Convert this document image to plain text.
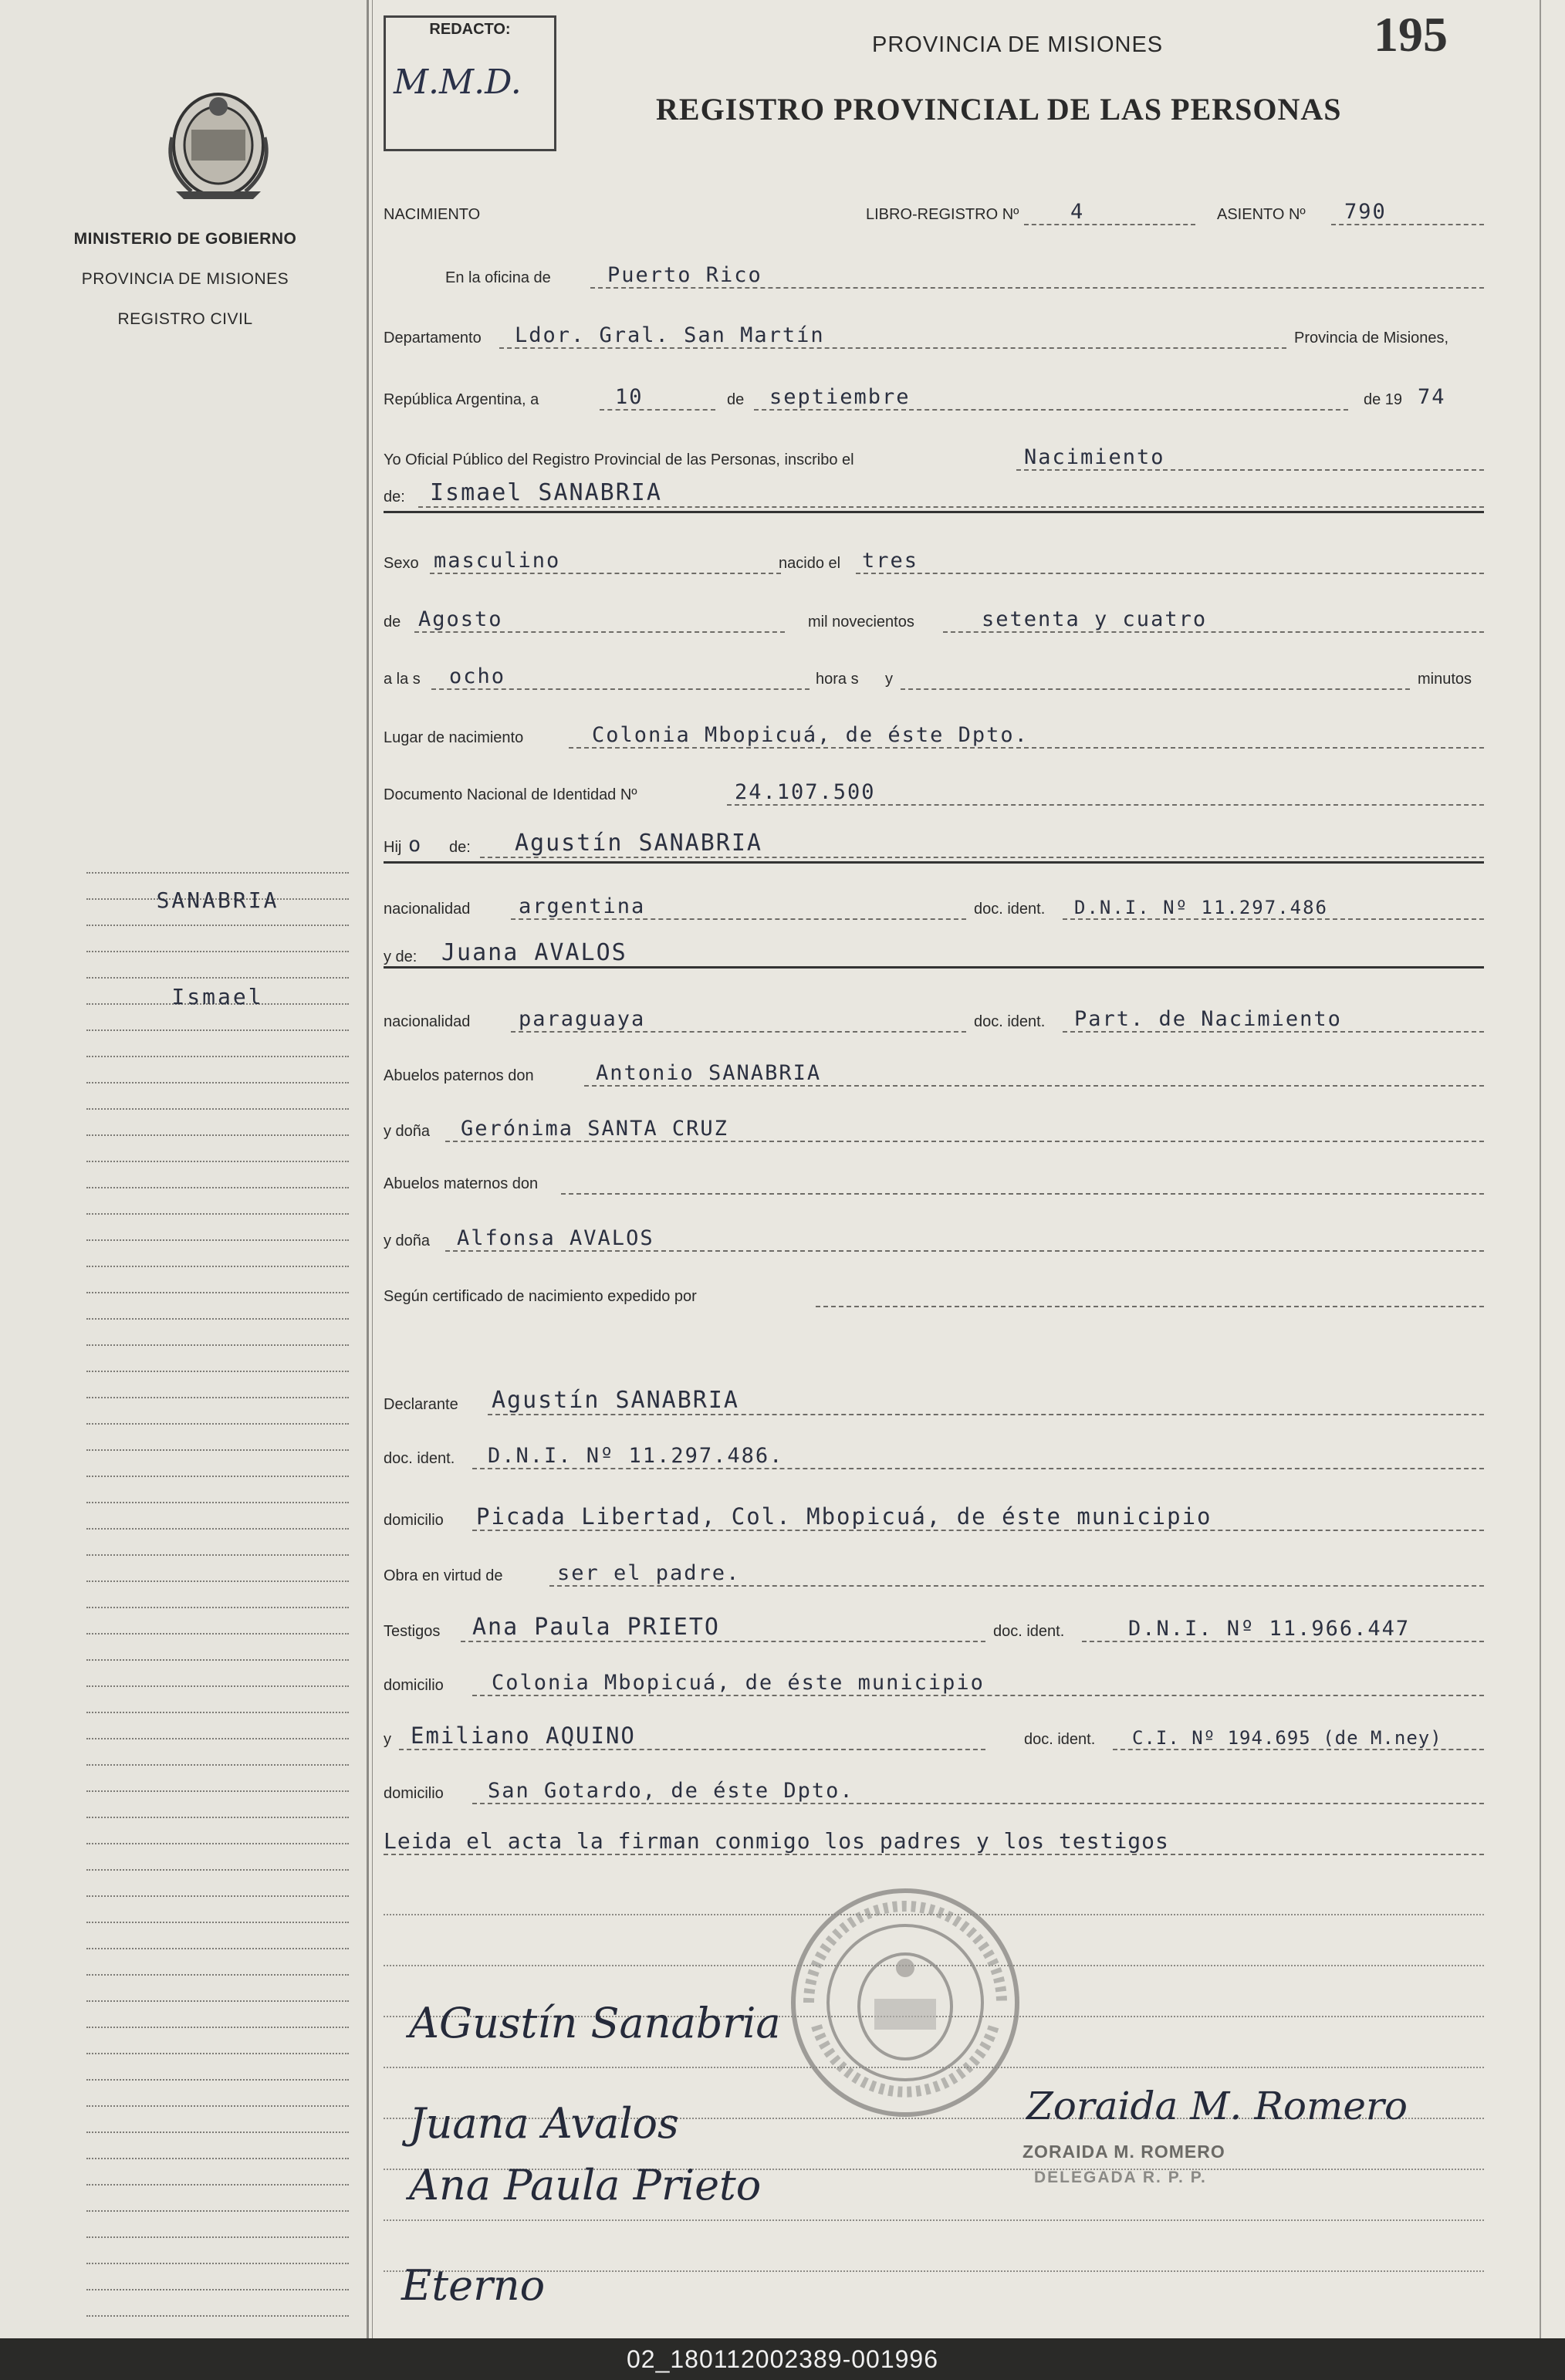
MINISTERIO DE GOBIERNO
PROVINCIA DE MISIONES
REGISTRO CIVIL
SANABRIA
Ismael
REDACTO:
M.M.D.
PROVINCIA DE MISIONES	195
REGISTRO PROVINCIAL DE LAS PERSONAS
NACIMIENTO	LIBRO-REGISTRO Nº 4	ASIENTO Nº 790
En la oficina de	Puerto Rico
Departamento Ldor. Gral. San Martín	Provincia de Misiones,
República Argentina, a	10	de septiembre	de 19 74
Yo Oficial Público del Registro Provincial de las Personas, inscribo el	Nacimiento
de: Ismael SANABRIA
Sexo masculino	nacido el tres
de Agosto	mil novecientos	setenta y cuatro
a la s ocho	hora s y	minutos
Lugar de nacimiento	Colonia Mbopicuá, de éste Dpto.
Documento Nacional de Identidad Nº	24.107.500
Hij o de: Agustín SANABRIA
nacionalidad argentina	doc. ident. D.N.I. Nº 11.297.486
y de: Juana AVALOS
nacionalidad paraguaya	doc. ident. Part. de Nacimiento
Abuelos paternos don	Antonio SANABRIA
y doña Gerónima SANTA CRUZ
Abuelos maternos don
y doña Alfonsa AVALOS
Según certificado de nacimiento expedido por
Declarante Agustín SANABRIA
doc. ident. D.N.I. Nº 11.297.486.
domicilio Picada Libertad, Col. Mbopicuá, de éste municipio
Obra en virtud de	ser el padre.
Testigos Ana Paula PRIETO	doc. ident.	D.N.I. Nº 11.966.447
domicilio Colonia Mbopicuá, de éste municipio
y Emiliano AQUINO	doc. ident. C.I. Nº 194.695 (de M.ney)
domicilio San Gotardo, de éste Dpto.
Leida el acta la firman conmigo los padres y los testigos
AGustín Sanabria
Juana Avalos
Ana Paula Prieto
Eterno
Zoraida M. Romero
ZORAIDA M. ROMERO
DELEGADA R. P. P.
02_180112002389-001996
